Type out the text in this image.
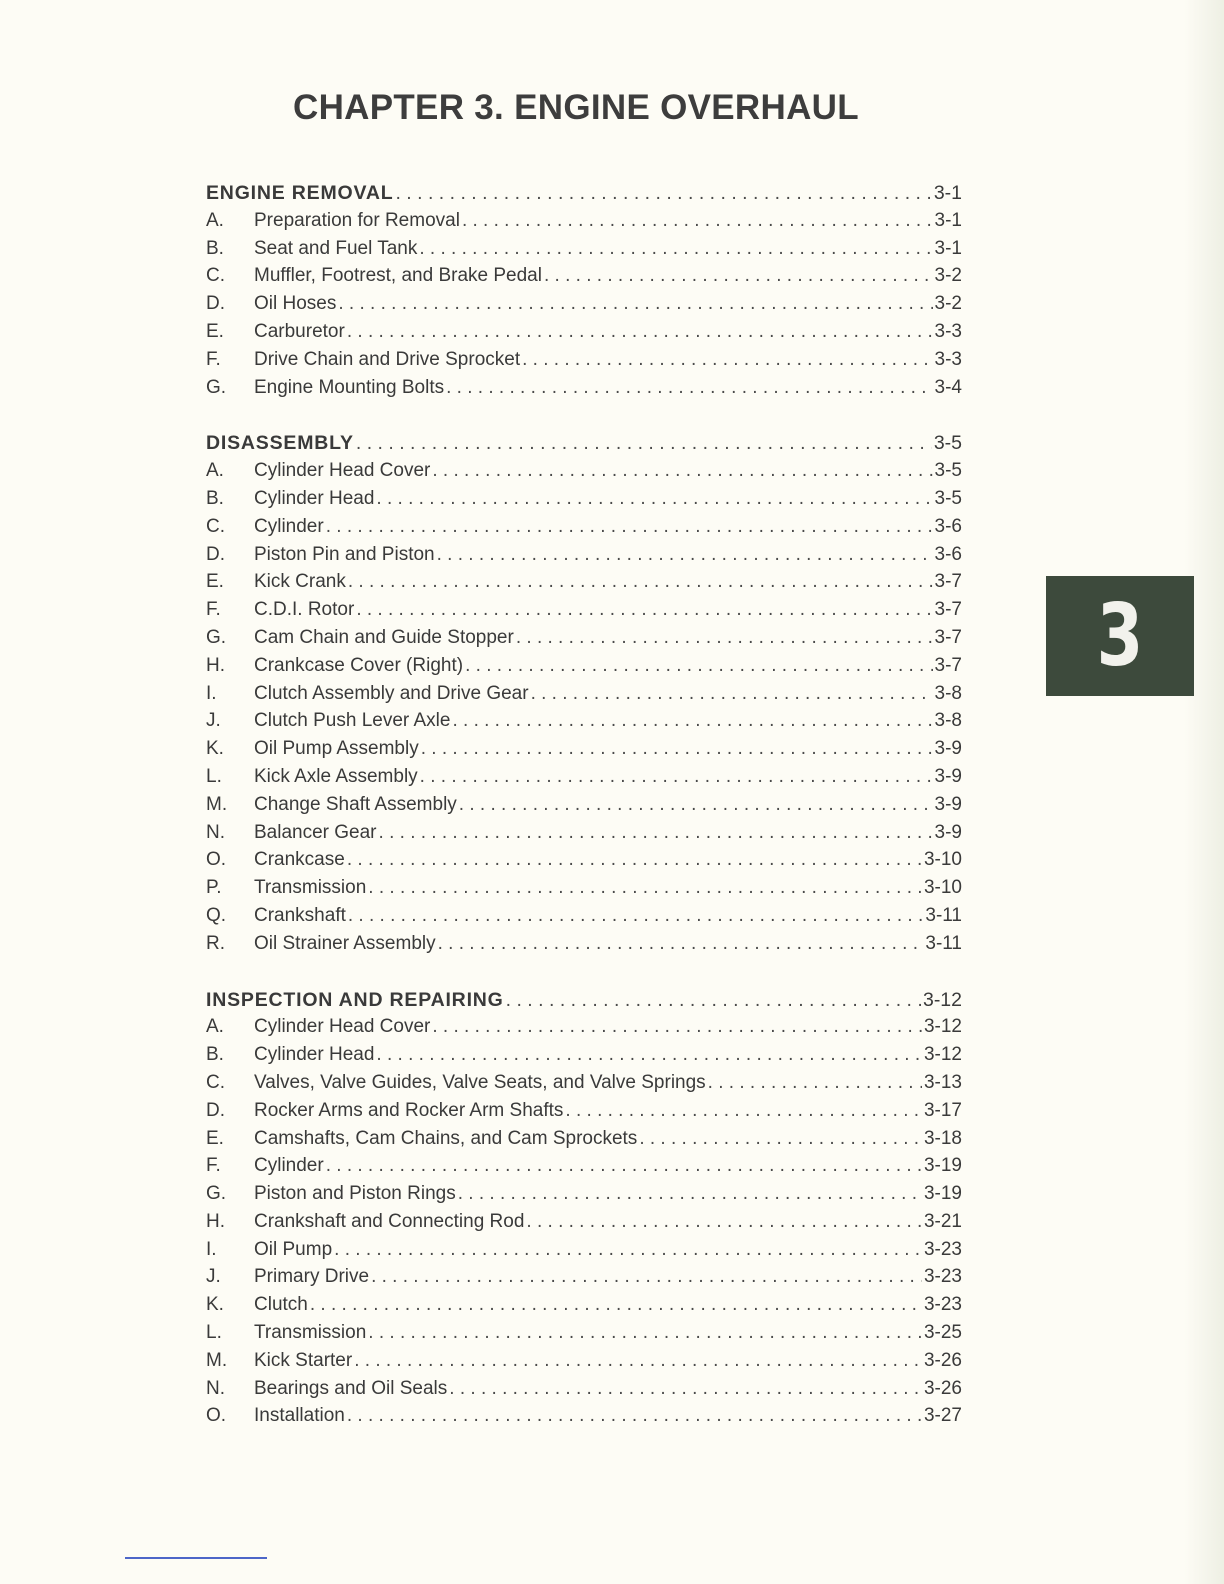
CHAPTER 3. ENGINE OVERHAUL
ENGINE REMOVAL . . .	3-1
A.	Preparation for Removal . . .	3-1
B.	Seat and Fuel Tank . . .	3-1
C.	Muffler, Footrest, and Brake Pedal . . .	3-2
D.	Oil Hoses . . .	3-2
E.	Carburetor . . .	3-3
F.	Drive Chain and Drive Sprocket . . .	3-3
G.	Engine Mounting Bolts . . .	3-4
DISASSEMBLY . . .	3-5
A.	Cylinder Head Cover . . .	3-5
B.	Cylinder Head . . .	3-5
C.	Cylinder . . .	3-6
D.	Piston Pin and Piston . . .	3-6
E.	Kick Crank . . .	3-7
F.	C.D.I. Rotor . . .	3-7
G.	Cam Chain and Guide Stopper . . .	3-7
H.	Crankcase Cover (Right) . . .	3-7
I.	Clutch Assembly and Drive Gear . . .	3-8
J.	Clutch Push Lever Axle . . .	3-8
K.	Oil Pump Assembly . . .	3-9
L.	Kick Axle Assembly . . .	3-9
M.	Change Shaft Assembly . . .	3-9
N.	Balancer Gear . . .	3-9
O.	Crankcase . . .	3-10
P.	Transmission . . .	3-10
Q.	Crankshaft . . .	3-11
R.	Oil Strainer Assembly . . .	3-11
INSPECTION AND REPAIRING . . .	3-12
A.	Cylinder Head Cover . . .	3-12
B.	Cylinder Head . . .	3-12
C.	Valves, Valve Guides, Valve Seats, and Valve Springs . . .	3-13
D.	Rocker Arms and Rocker Arm Shafts . . .	3-17
E.	Camshafts, Cam Chains, and Cam Sprockets . . .	3-18
F.	Cylinder . . .	3-19
G.	Piston and Piston Rings . . .	3-19
H.	Crankshaft and Connecting Rod . . .	3-21
I.	Oil Pump . . .	3-23
J.	Primary Drive . . .	3-23
K.	Clutch . . .	3-23
L.	Transmission . . .	3-25
M.	Kick Starter . . .	3-26
N.	Bearings and Oil Seals . . .	3-26
O.	Installation . . .	3-27
3
